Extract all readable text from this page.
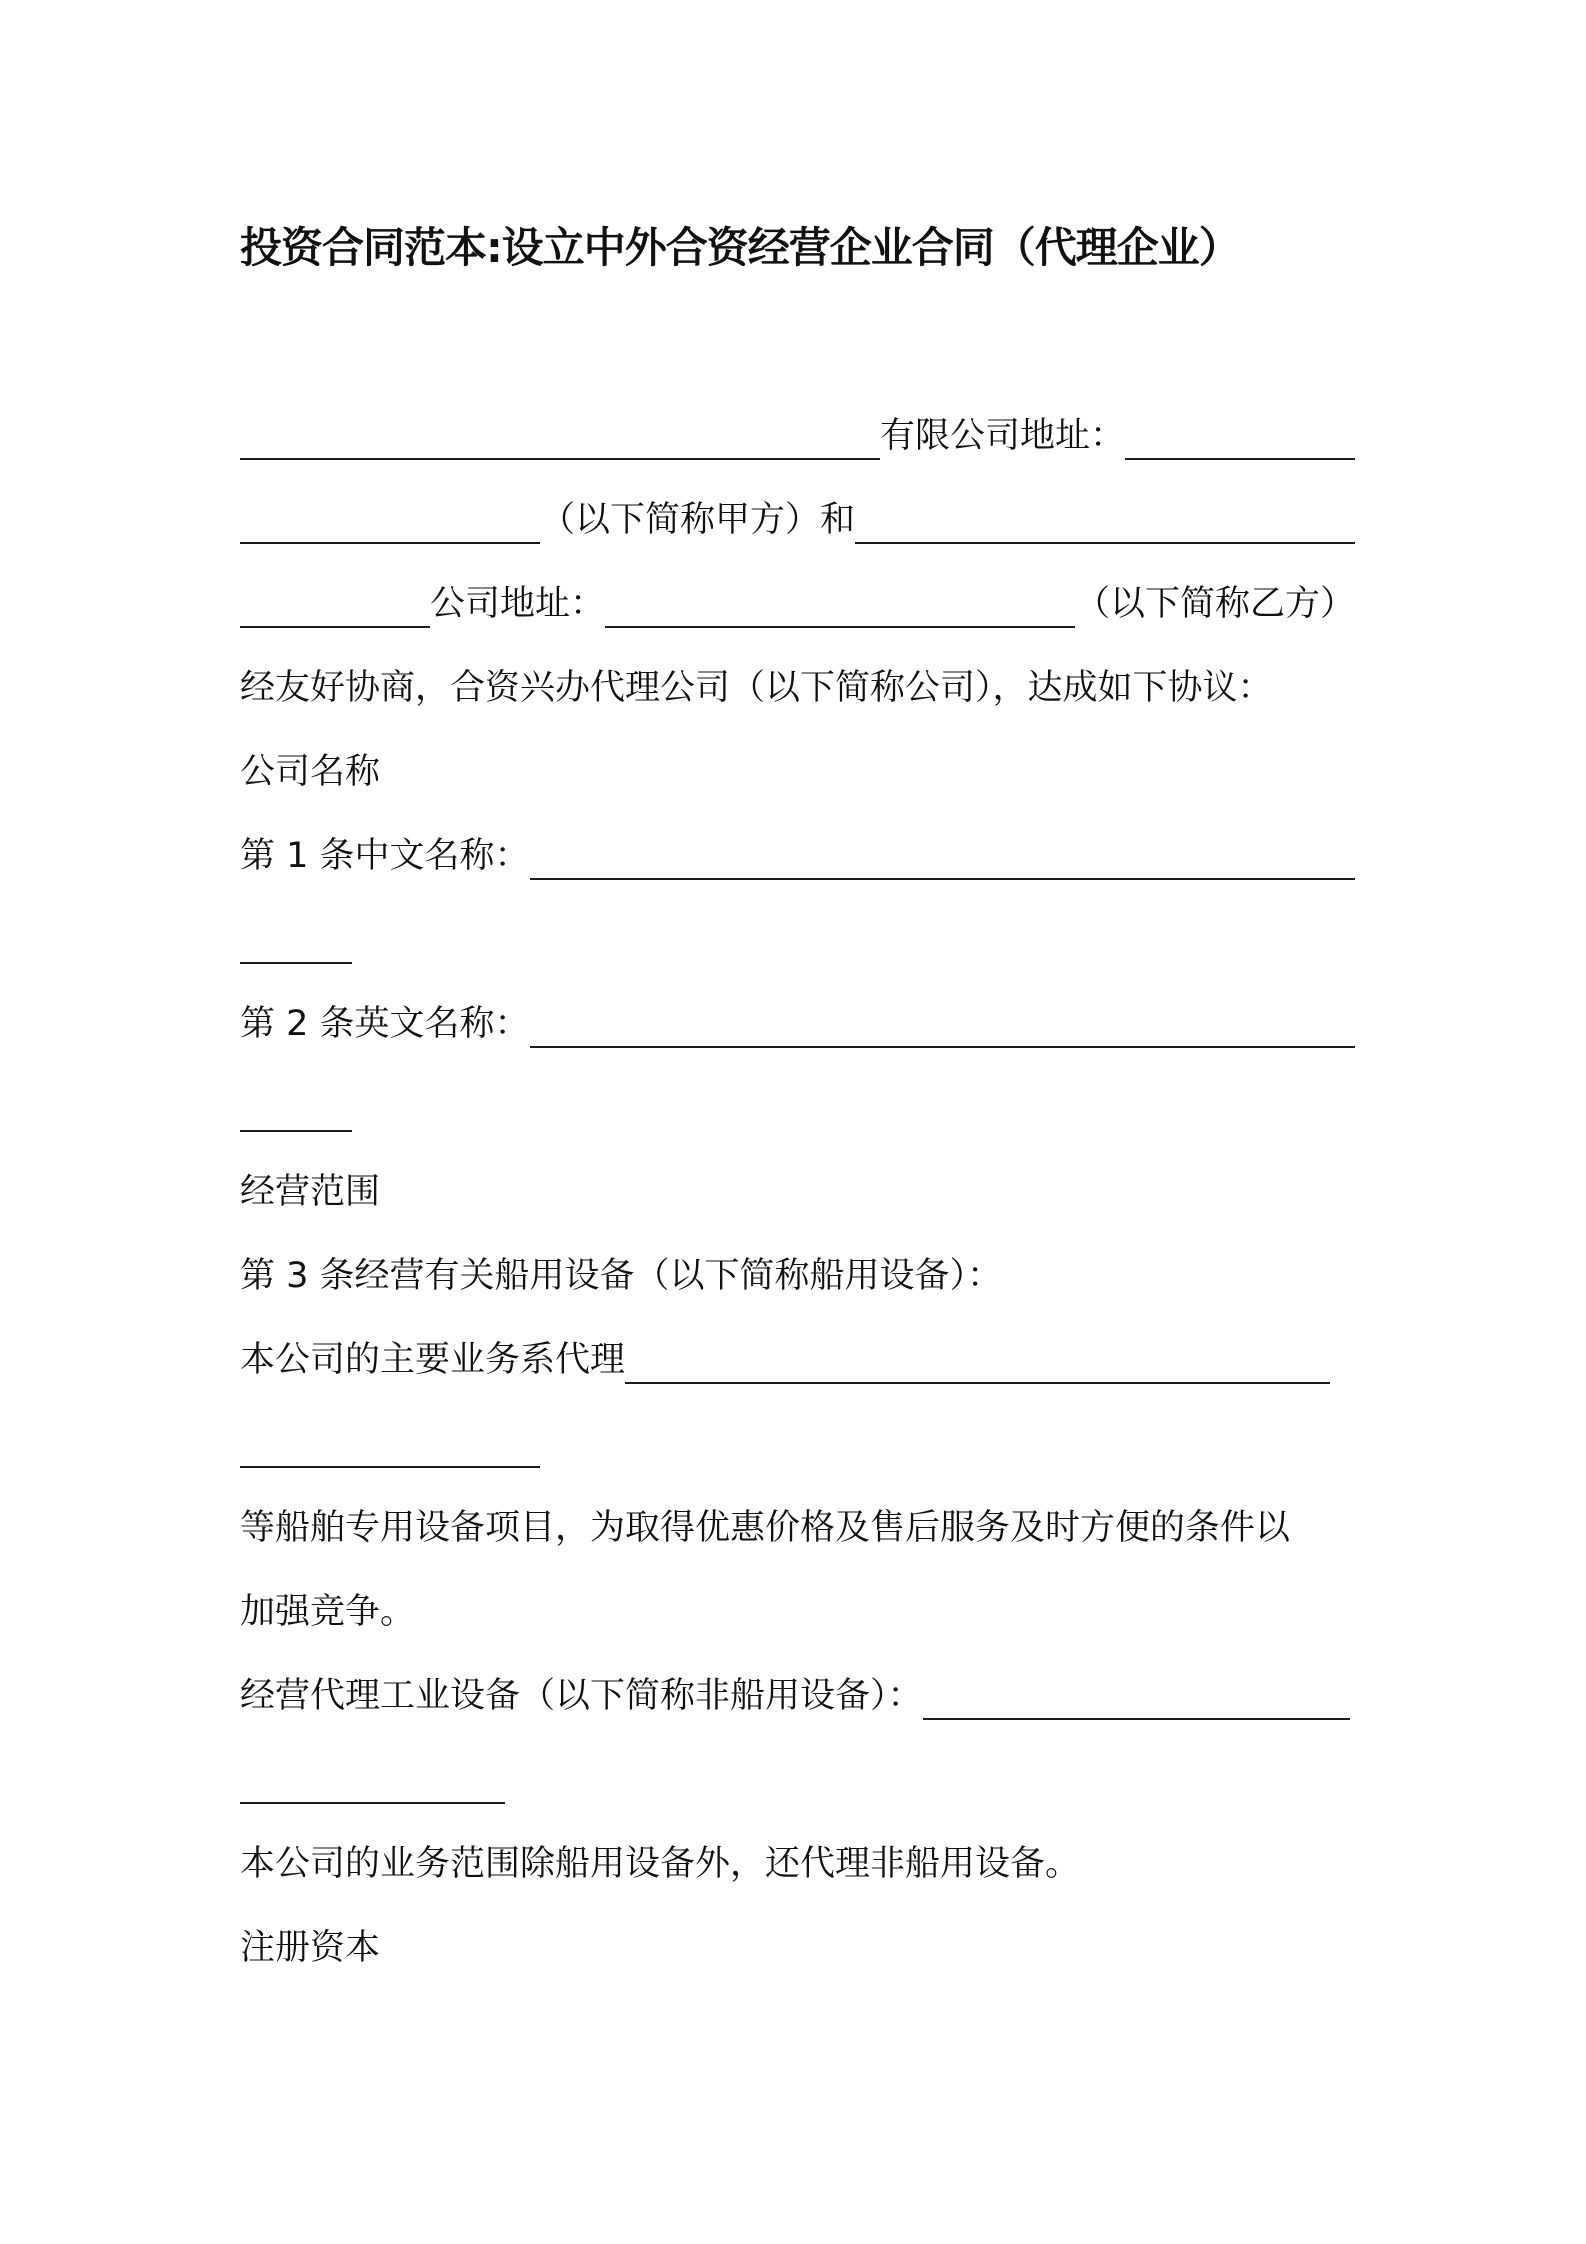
投资合同范本:设立中外合资经营企业合同（代理企业）
有限公司地址：
（以下简称甲方） 和
公司地址：	（以下简称乙方）
经友好协商，合资兴办代理公司（以下简称公司），达成如下协议：
公司名称
第 1 条中文名称：
第 2 条英文名称：
经营范围
第 3 条经营有关船用设备（以下简称船用设备）：
本公司的主要业务系代理
等船舶专用设备项目，为取得优惠价格及售后服务及时方便的条件以
加强竞争。
经营代理工业设备（以下简称非船用设备）：
本公司的业务范围除船用设备外，还代理非船用设备。
注册资本
